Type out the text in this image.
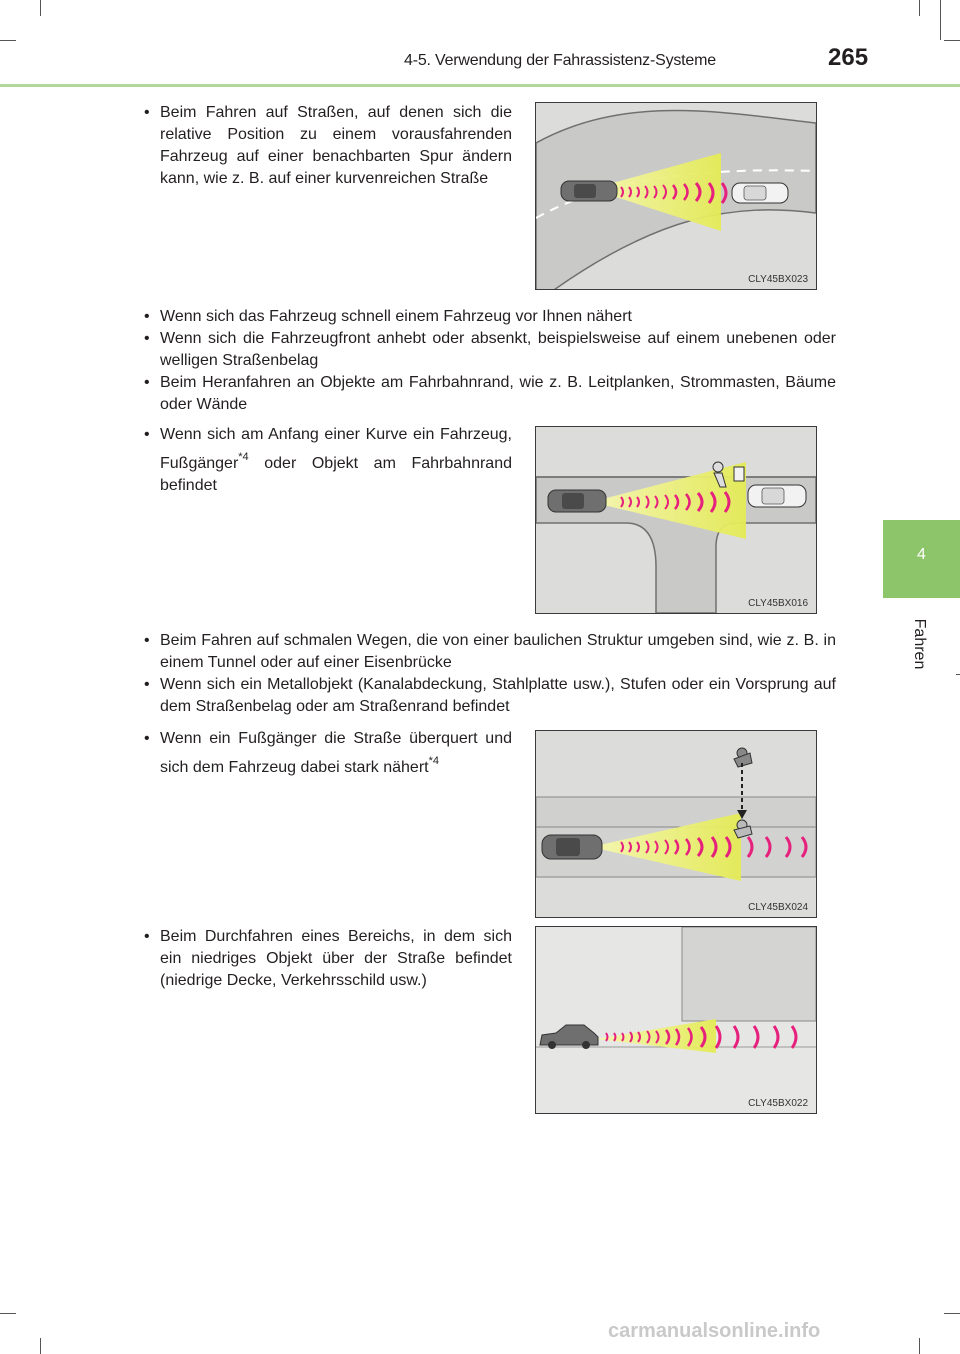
4-5. Verwendung der Fahrassistenz-Systeme	265
4
Fahren
• Beim Fahren auf Straßen, auf denen sich die relative Position zu einem vorausfahrenden Fahrzeug auf einer benachbarten Spur ändern kann, wie z. B. auf einer kurvenreichen Straße
• Wenn sich das Fahrzeug schnell einem Fahrzeug vor Ihnen nähert
• Wenn sich die Fahrzeugfront anhebt oder absenkt, beispielsweise auf einem unebenen oder welligen Straßenbelag
• Beim Heranfahren an Objekte am Fahrbahnrand, wie z. B. Leitplanken, Strommasten, Bäume oder Wände
• Wenn sich am Anfang einer Kurve ein Fahrzeug, Fußgänger$^{*4}$ oder Objekt am Fahrbahnrand befindet
• Beim Fahren auf schmalen Wegen, die von einer baulichen Struktur umgeben sind, wie z. B. in einem Tunnel oder auf einer Eisenbrücke
• Wenn sich ein Metallobjekt (Kanalabdeckung, Stahlplatte usw.), Stufen oder ein Vorsprung auf dem Straßenbelag oder am Straßenrand befindet
• Wenn ein Fußgänger die Straße überquert und sich dem Fahrzeug dabei stark nähert$^{*4}$
• Beim Durchfahren eines Bereichs, in dem sich ein niedriges Objekt über der Straße befindet (niedrige Decke, Verkehrsschild usw.)
CLY45BX023
CLY45BX016
CLY45BX024
CLY45BX022
carmanualsonline.info
